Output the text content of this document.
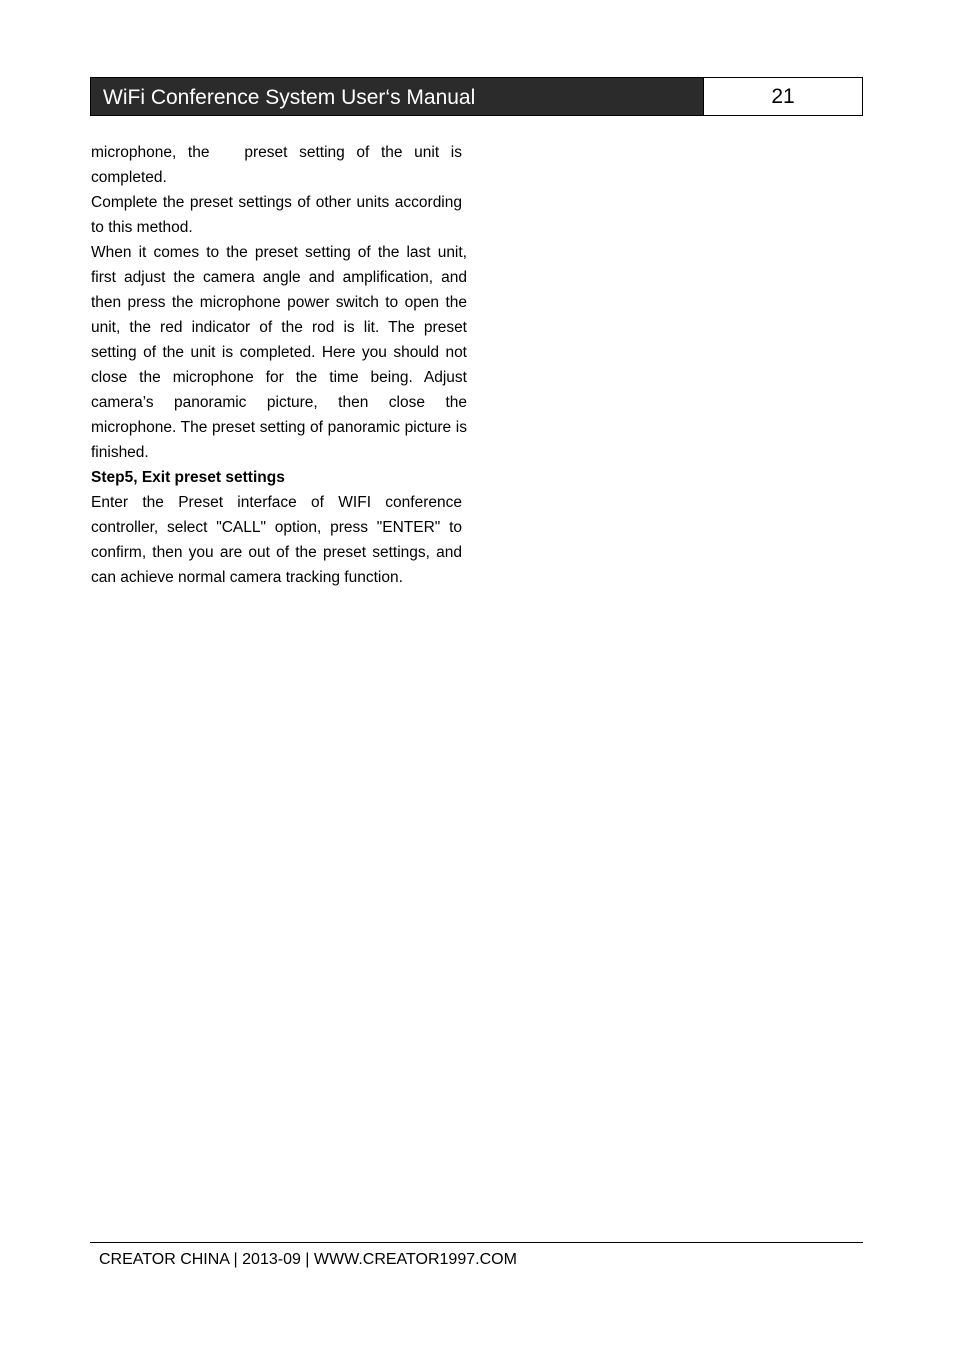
WiFi Conference System User‘s Manual	21

microphone, the   preset setting of the unit is completed.

Complete the preset settings of other units according to this method.

When it comes to the preset setting of the last unit, first adjust the camera angle and amplification, and then press the microphone power switch to open the unit, the red indicator of the rod is lit. The preset setting of the unit is completed. Here you should not close the microphone for the time being. Adjust camera’s panoramic picture, then close the microphone. The preset setting of panoramic picture is finished.

Step5, Exit preset settings

Enter the Preset interface of WIFI conference controller, select "CALL" option, press "ENTER" to confirm, then you are out of the preset settings, and can achieve normal camera tracking function.

CREATOR CHINA | 2013-09 | WWW.CREATOR1997.COM
